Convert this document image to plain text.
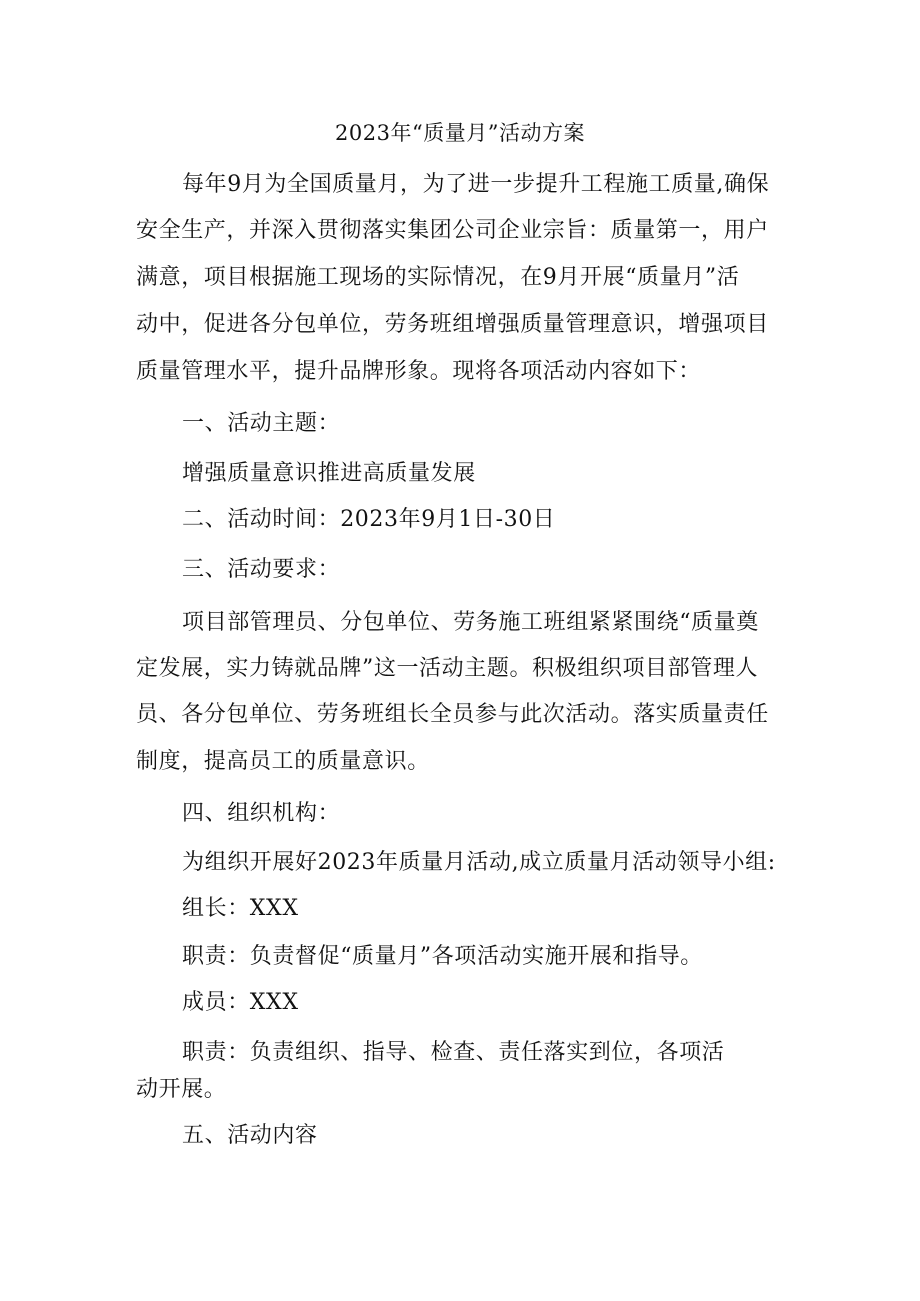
2023年“质量月”活动方案
每年9月为全国质量月，为了进一步提升工程施工质量,确保
安全生产，并深入贯彻落实集团公司企业宗旨：质量第一，用户
满意，项目根据施工现场的实际情况，在9月开展“质量月”活
动中，促进各分包单位，劳务班组增强质量管理意识，增强项目
质量管理水平，提升品牌形象。现将各项活动内容如下：
一、活动主题：
增强质量意识推进高质量发展
二、活动时间：2023年9月1日-30日
三、活动要求：
项目部管理员、分包单位、劳务施工班组紧紧围绕“质量奠
定发展，实力铸就品牌”这一活动主题。积极组织项目部管理人
员、各分包单位、劳务班组长全员参与此次活动。落实质量责任
制度，提高员工的质量意识。
四、组织机构：
为组织开展好2023年质量月活动,成立质量月活动领导小组:
组长：XXX
职责：负责督促“质量月”各项活动实施开展和指导。
成员：XXX
职责：负责组织、指导、检查、责任落实到位，各项活
动开展。
五、活动内容
